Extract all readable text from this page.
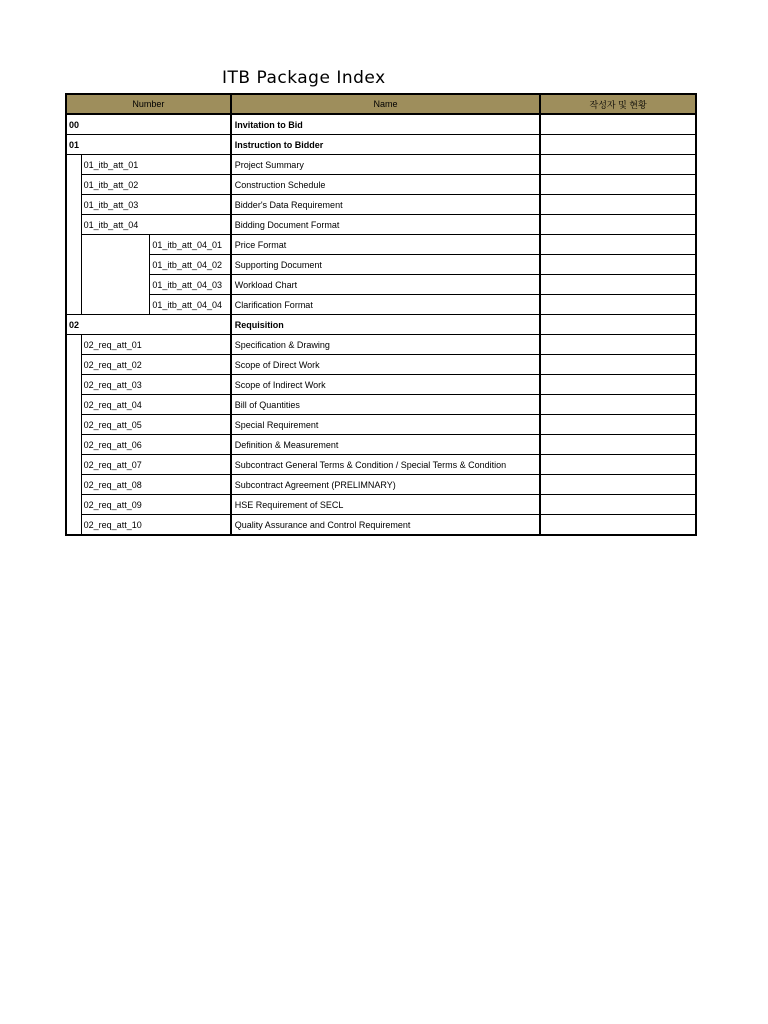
ITB Package Index
Number			Name	작성자 및 현황
00			Invitation to Bid	
01			Instruction to Bidder	
	01_itb_att_01		Project Summary	
	01_itb_att_02		Construction Schedule	
	01_itb_att_03		Bidder's Data Requirement	
	01_itb_att_04		Bidding Document Format	
		01_itb_att_04_01	Price Format	
		01_itb_att_04_02	Supporting Document	
		01_itb_att_04_03	Workload Chart	
		01_itb_att_04_04	Clarification Format	
02			Requisition	
	02_req_att_01		Specification & Drawing	
	02_req_att_02		Scope of Direct Work	
	02_req_att_03		Scope of Indirect Work	
	02_req_att_04		Bill of Quantities	
	02_req_att_05		Special Requirement	
	02_req_att_06		Definition & Measurement	
	02_req_att_07		Subcontract General Terms & Condition / Special Terms & Condition	
	02_req_att_08		Subcontract Agreement (PRELIMNARY)	
	02_req_att_09		HSE Requirement of SECL	
	02_req_att_10		Quality Assurance and Control Requirement	
